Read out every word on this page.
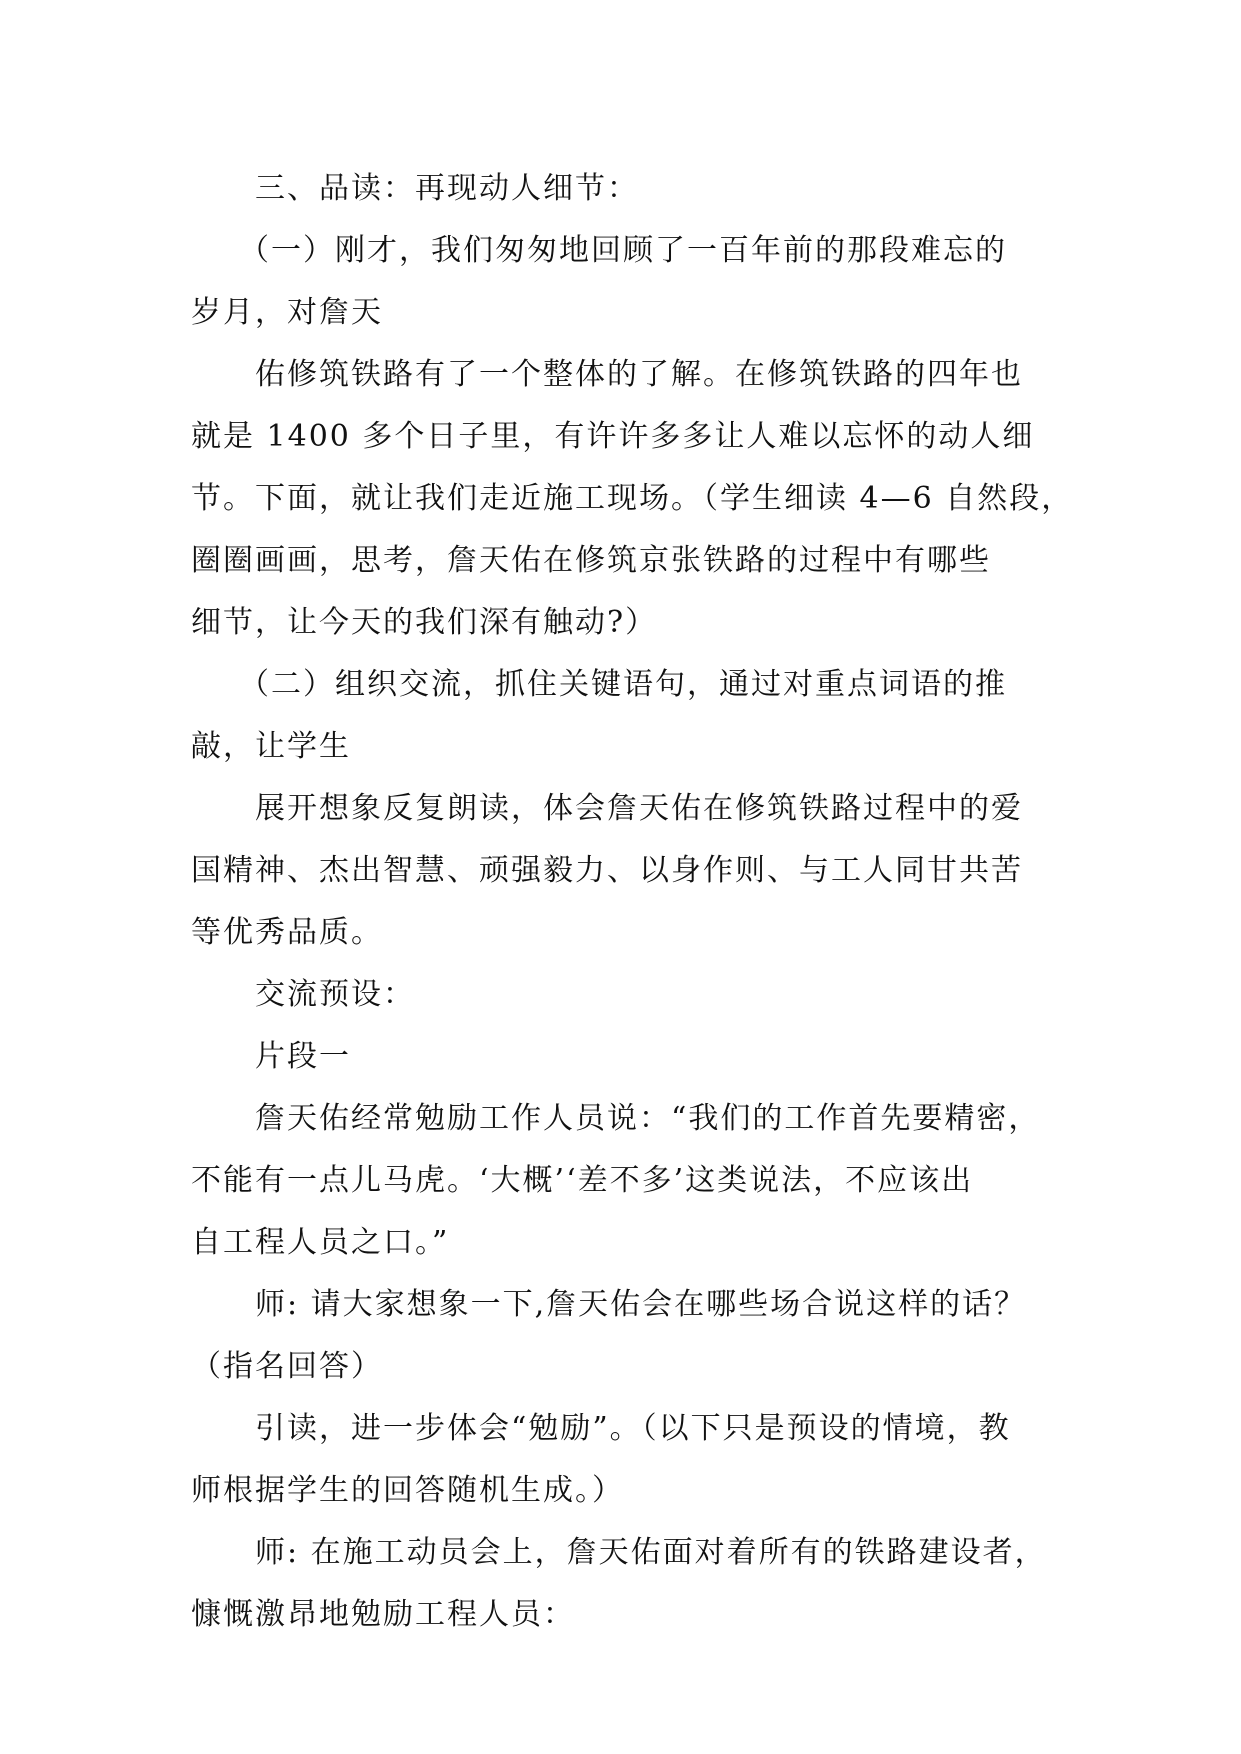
三、品读：再现动人细节：
（一）刚才，我们匆匆地回顾了一百年前的那段难忘的
岁月，对詹天
佑修筑铁路有了一个整体的了解。在修筑铁路的四年也
就是 1400 多个日子里，有许许多多让人难以忘怀的动人细
节。下面，就让我们走近施工现场。（学生细读 4—6 自然段，
圈圈画画，思考，詹天佑在修筑京张铁路的过程中有哪些
细节，让今天的我们深有触动?）
（二）组织交流，抓住关键语句，通过对重点词语的推
敲，让学生
展开想象反复朗读，体会詹天佑在修筑铁路过程中的爱
国精神、杰出智慧、顽强毅力、以身作则、与工人同甘共苦
等优秀品质。
交流预设：
片段一
詹天佑经常勉励工作人员说：“我们的工作首先要精密，
不能有一点儿马虎。‘大概’‘差不多’这类说法，不应该出
自工程人员之口。”
师: 请大家想象一下,詹天佑会在哪些场合说这样的话？
（指名回答）
引读，进一步体会“勉励”。（以下只是预设的情境，教
师根据学生的回答随机生成。）
师: 在施工动员会上，詹天佑面对着所有的铁路建设者，
慷慨激昂地勉励工程人员：
